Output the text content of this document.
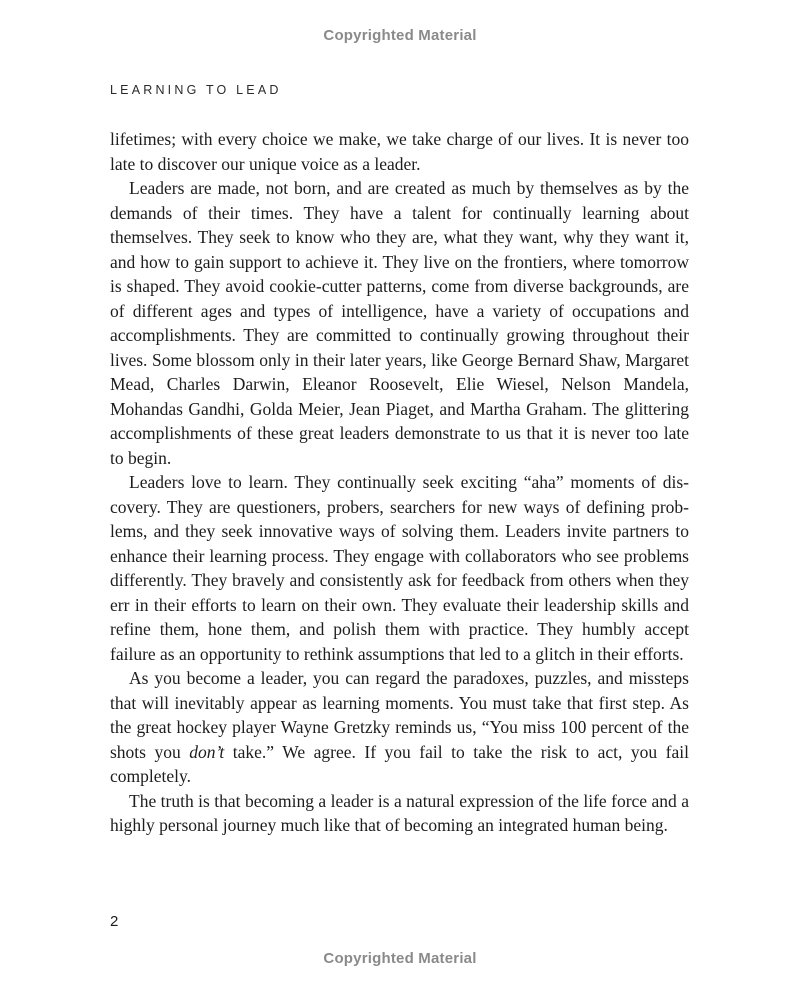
Copyrighted Material
LEARNING TO LEAD

lifetimes; with every choice we make, we take charge of our lives. It is never too late to discover our unique voice as a leader.

Leaders are made, not born, and are created as much by themselves as by the demands of their times. They have a talent for continually learning about themselves. They seek to know who they are, what they want, why they want it, and how to gain support to achieve it. They live on the frontiers, where tomorrow is shaped. They avoid cookie-cutter patterns, come from diverse backgrounds, are of different ages and types of intelligence, have a variety of occupations and accomplishments. They are committed to continually growing throughout their lives. Some blossom only in their later years, like George Bernard Shaw, Margaret Mead, Charles Darwin, Eleanor Roosevelt, Elie Wiesel, Nelson Mandela, Mohandas Gandhi, Golda Meier, Jean Piaget, and Martha Graham. The glittering accomplishments of these great leaders demonstrate to us that it is never too late to begin.

Leaders love to learn. They continually seek exciting “aha” moments of discovery. They are questioners, probers, searchers for new ways of defining problems, and they seek innovative ways of solving them. Leaders invite partners to enhance their learning process. They engage with collaborators who see problems differently. They bravely and consistently ask for feedback from others when they err in their efforts to learn on their own. They evaluate their leadership skills and refine them, hone them, and polish them with practice. They humbly accept failure as an opportunity to rethink assumptions that led to a glitch in their efforts.

As you become a leader, you can regard the paradoxes, puzzles, and missteps that will inevitably appear as learning moments. You must take that first step. As the great hockey player Wayne Gretzky reminds us, “You miss 100 percent of the shots you don’t take.” We agree. If you fail to take the risk to act, you fail completely.

The truth is that becoming a leader is a natural expression of the life force and a highly personal journey much like that of becoming an integrated human being.

2
Copyrighted Material
